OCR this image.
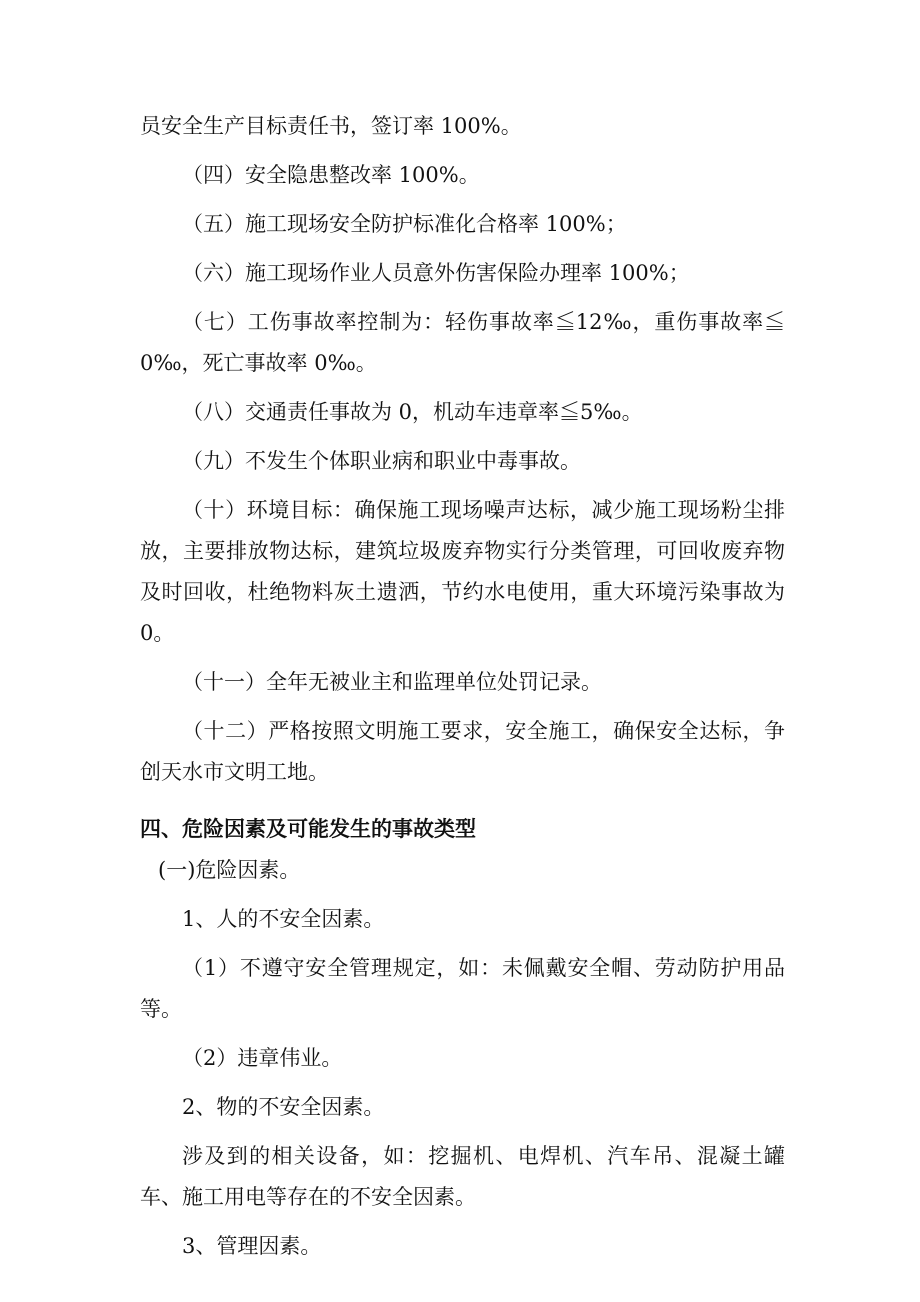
员安全生产目标责任书，签订率 100%。

（四）安全隐患整改率 100%。

（五）施工现场安全防护标准化合格率 100%；

（六）施工现场作业人员意外伤害保险办理率 100%；

（七）工伤事故率控制为：轻伤事故率≦12‰，重伤事故率≦0‰，死亡事故率 0‰。

（八）交通责任事故为 0，机动车违章率≦5‰。

（九）不发生个体职业病和职业中毒事故。

（十）环境目标：确保施工现场噪声达标，减少施工现场粉尘排放，主要排放物达标，建筑垃圾废弃物实行分类管理，可回收废弃物及时回收，杜绝物料灰土遗洒，节约水电使用，重大环境污染事故为 0。

（十一）全年无被业主和监理单位处罚记录。

（十二）严格按照文明施工要求，安全施工，确保安全达标，争创天水市文明工地。

四、危险因素及可能发生的事故类型

(一)危险因素。

1、人的不安全因素。

（1）不遵守安全管理规定，如：未佩戴安全帽、劳动防护用品等。

（2）违章伟业。

2、物的不安全因素。

涉及到的相关设备，如：挖掘机、电焊机、汽车吊、混凝土罐车、施工用电等存在的不安全因素。

3、管理因素。
